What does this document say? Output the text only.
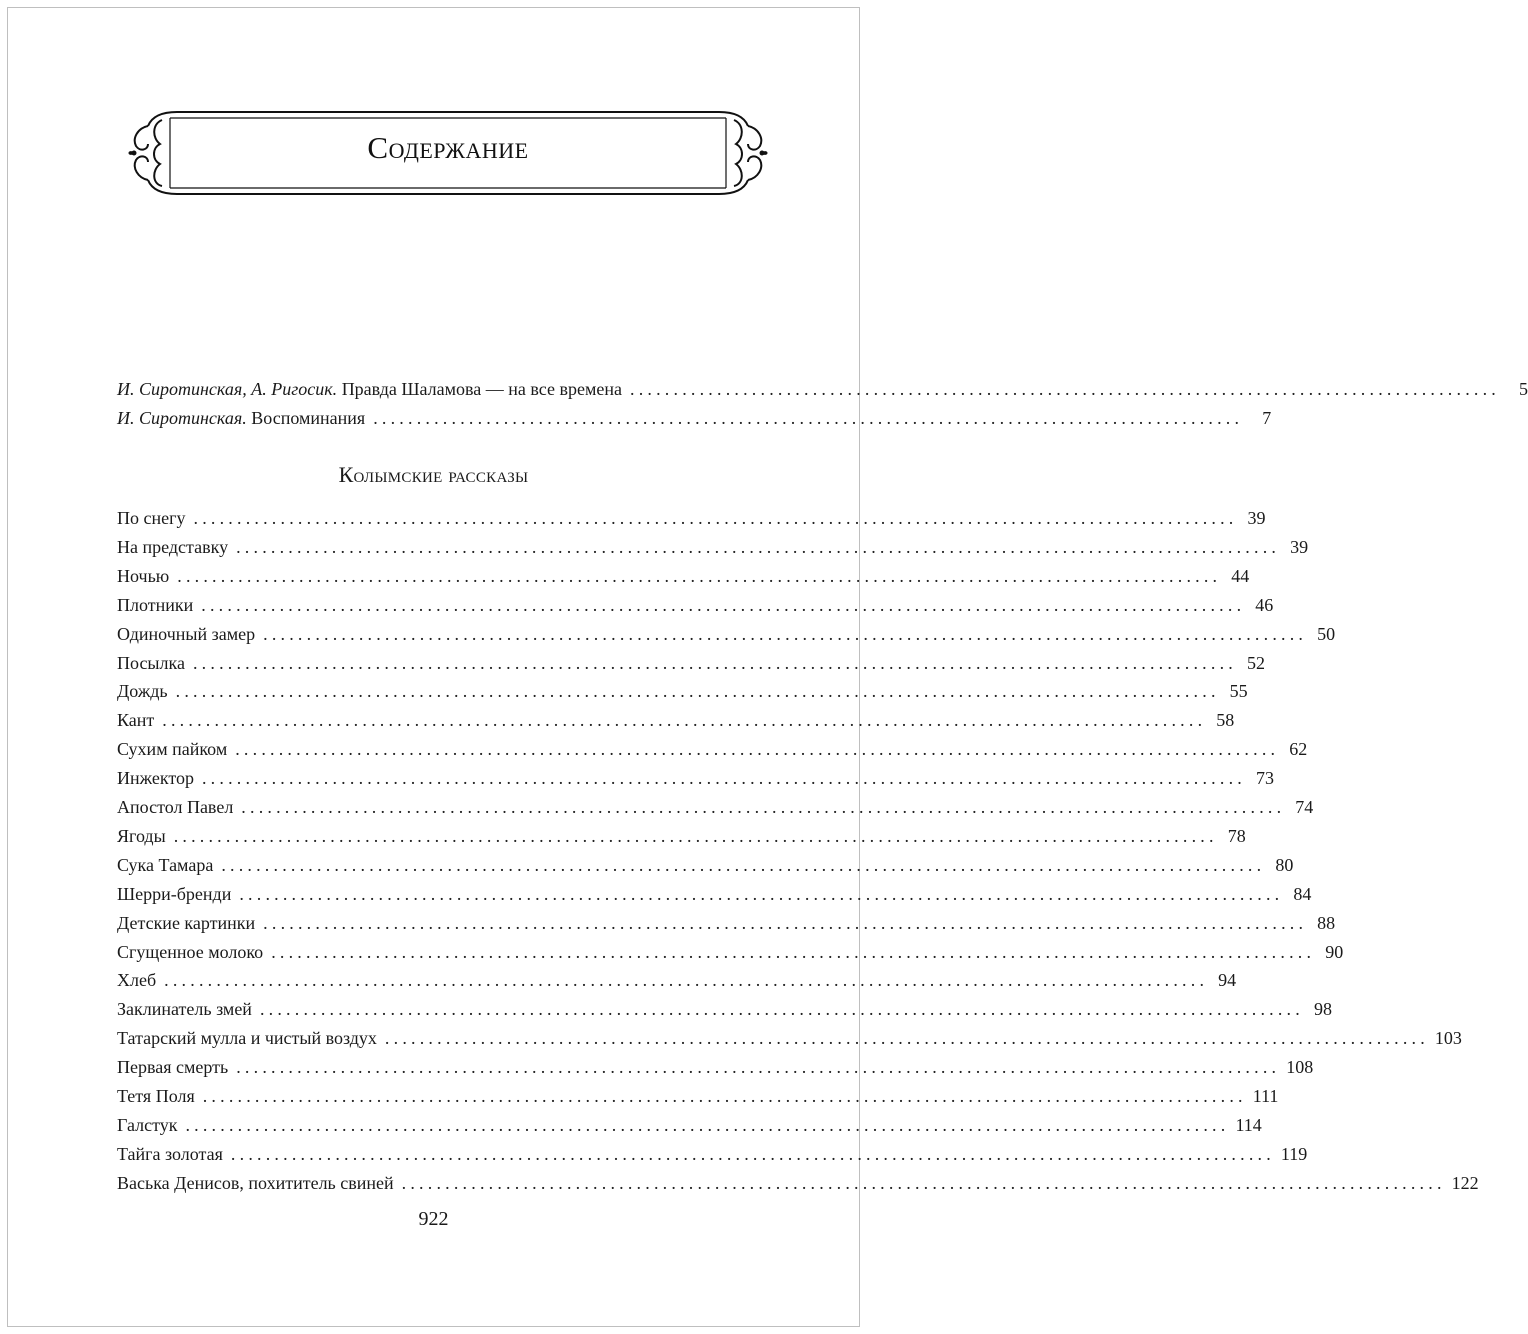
Содержание
И. Сиротинская, А. Ригосик. Правда Шаламова — на все времена ....................................................................................................	5
И. Сиротинская. Воспоминания ....................................................................................................	7
Колымские рассказы
По снегу ........................................................................................................................ 39
На представку ........................................................................................................................ 39
Ночью ........................................................................................................................ 44
Плотники ........................................................................................................................ 46
Одиночный замер ........................................................................................................................ 50
Посылка ........................................................................................................................ 52
Дождь ........................................................................................................................ 55
Кант ........................................................................................................................ 58
Сухим пайком ........................................................................................................................ 62
Инжектор ........................................................................................................................ 73
Апостол Павел ........................................................................................................................ 74
Ягоды ........................................................................................................................ 78
Сука Тамара ........................................................................................................................ 80
Шерри-бренди ........................................................................................................................ 84
Детские картинки ........................................................................................................................ 88
Сгущенное молоко ........................................................................................................................ 90
Хлеб ........................................................................................................................ 94
Заклинатель змей ........................................................................................................................ 98
Татарский мулла и чистый воздух ........................................................................................................................ 103
Первая смерть ........................................................................................................................ 108
Тетя Поля ........................................................................................................................ 111
Галстук ........................................................................................................................ 114
Тайга золотая ........................................................................................................................ 119
Васька Денисов, похититель свиней ........................................................................................................................ 122
922
